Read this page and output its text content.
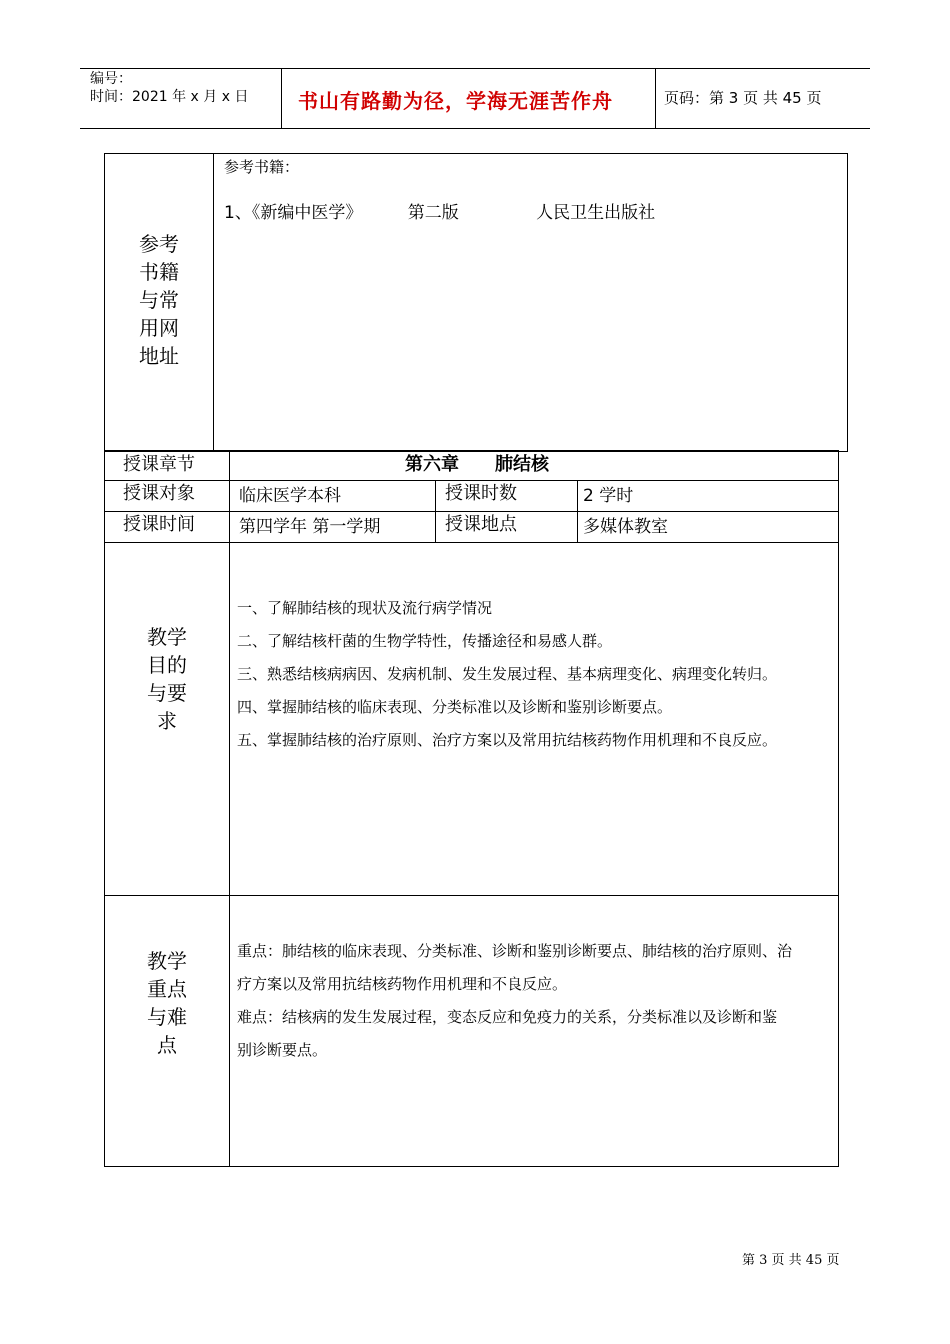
编号：
时间：2021 年 x 月 x 日 书山有路勤为径，学海无涯苦作舟	页码：第 3 页 共 45 页
参考
书籍
与常
用网
地址
参考书籍：
1、《新编中医学》	第二版	人民卫生出版社
授课章节	第六章　　肺结核
授课对象	临床医学本科	授课时数	2 学时
授课时间	第四学年 第一学期	授课地点	多媒体教室
教学
目的
与要
求
一、了解肺结核的现状及流行病学情况
二、了解结核杆菌的生物学特性，传播途径和易感人群。
三、熟悉结核病病因、发病机制、发生发展过程、基本病理变化、病理变化转归。
四、掌握肺结核的临床表现、分类标准以及诊断和鉴别诊断要点。
五、掌握肺结核的治疗原则、治疗方案以及常用抗结核药物作用机理和不良反应。
教学
重点
与难
点
重点：肺结核的临床表现、分类标准、诊断和鉴别诊断要点、肺结核的治疗原则、治
疗方案以及常用抗结核药物作用机理和不良反应。
难点：结核病的发生发展过程，变态反应和免疫力的关系，分类标准以及诊断和鉴
别诊断要点。
第 3 页 共 45 页
